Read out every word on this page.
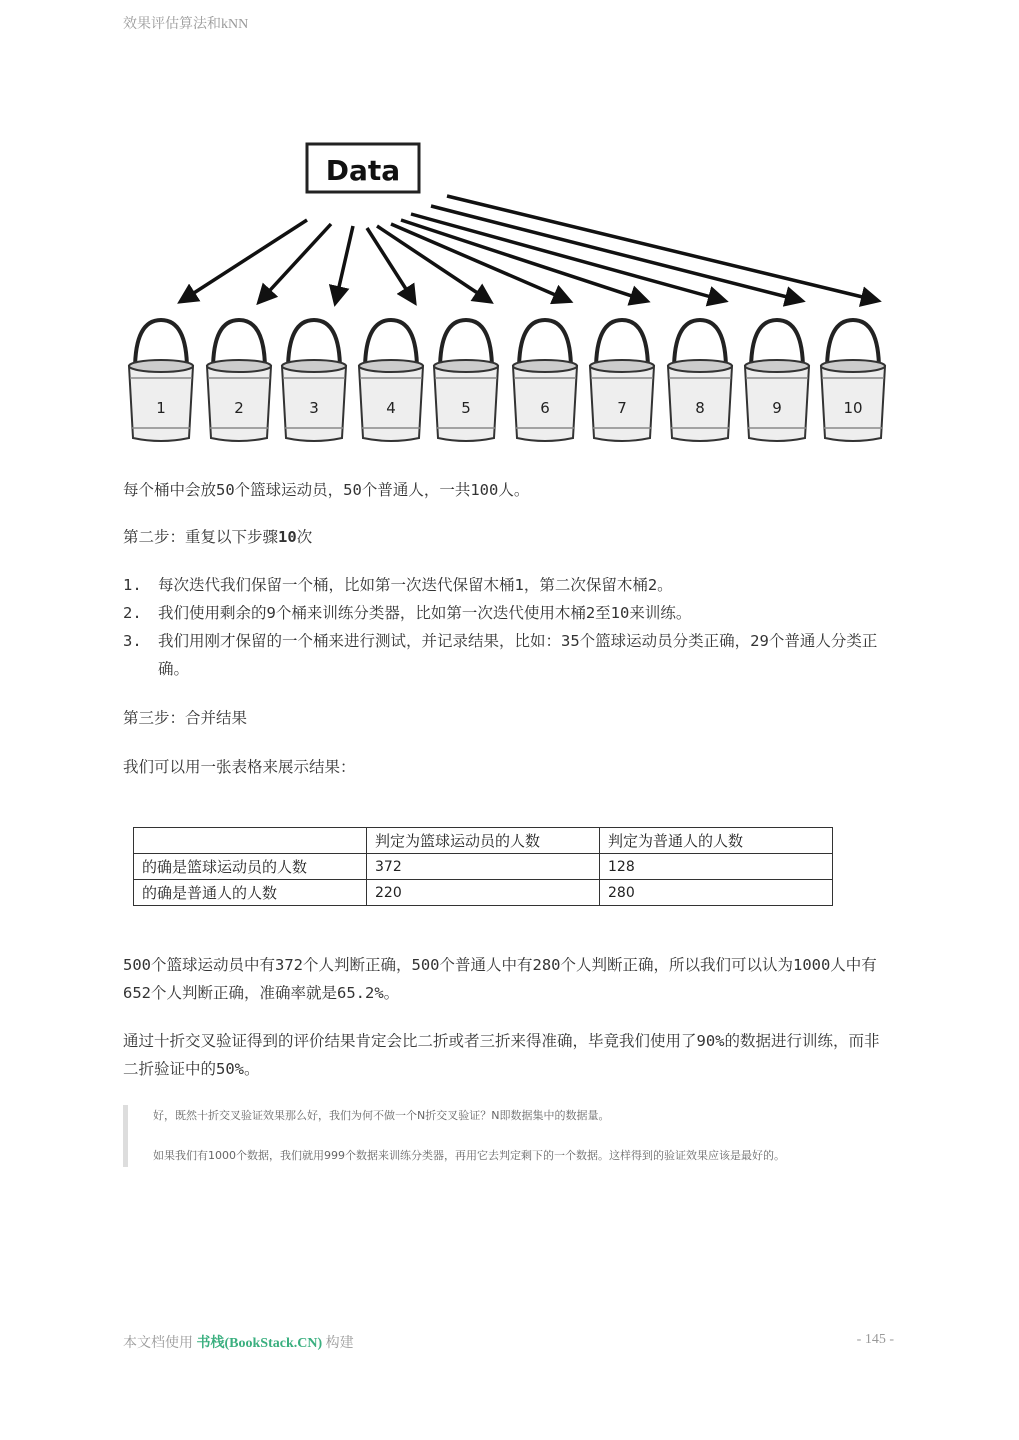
效果评估算法和kNN
Data
1	2	3	4	5	6	7	8	9	10
每个桶中会放50个篮球运动员，50个普通人，一共100人。
第二步：重复以下步骤10次
1. 每次迭代我们保留一个桶，比如第一次迭代保留木桶1，第二次保留木桶2。
2. 我们使用剩余的9个桶来训练分类器，比如第一次迭代使用木桶2至10来训练。
3. 我们用刚才保留的一个桶来进行测试，并记录结果，比如：35个篮球运动员分类正确，29个普通人分类正确。
第三步：合并结果
我们可以用一张表格来展示结果：
	判定为篮球运动员的人数	判定为普通人的人数
的确是篮球运动员的人数	372	128
的确是普通人的人数	220	280
500个篮球运动员中有372个人判断正确，500个普通人中有280个人判断正确，所以我们可以认为1000人中有652个人判断正确，准确率就是65.2%。
通过十折交叉验证得到的评价结果肯定会比二折或者三折来得准确，毕竟我们使用了90%的数据进行训练，而非二折验证中的50%。
好，既然十折交叉验证效果那么好，我们为何不做一个N折交叉验证？N即数据集中的数据量。
如果我们有1000个数据，我们就用999个数据来训练分类器，再用它去判定剩下的一个数据。这样得到的验证效果应该是最好的。
本文档使用 书栈(BookStack.CN) 构建	- 145 -
